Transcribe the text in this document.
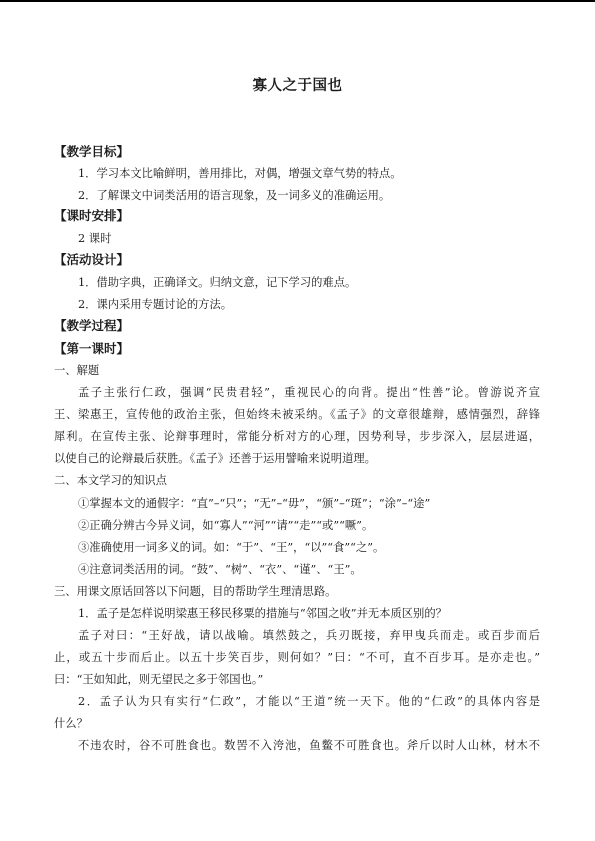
寡人之于国也
【教学目标】
1．学习本文比喻鲜明，善用排比，对偶，增强文章气势的特点。
2．了解课文中词类活用的语言现象，及一词多义的准确运用。
【课时安排】
2 课时
【活动设计】
1．借助字典，正确译文。归纳文意，记下学习的难点。
2．课内采用专题讨论的方法。
【教学过程】
【第一课时】
一、解题
孟子主张行仁政，强调“民贵君轻”，重视民心的向背。提出“性善”论。曾游说齐宣
王、梁惠王，宣传他的政治主张，但始终未被采纳。《孟子》的文章很雄辩，感情强烈，辞锋
犀利。在宣传主张、论辩事理时，常能分析对方的心理，因势利导，步步深入，层层进逼，
以使自己的论辩最后获胜。《孟子》还善于运用譬喻来说明道理。
二、本文学习的知识点
①掌握本文的通假字：“直”–“只”；“无”–“毋”，“颁”–“斑”；“涂”–“途”
②正确分辨古今异义词，如“寡人”“河”“请”“走”“或”“噘”。
③准确使用一词多义的词。如：“于”、“王”，“以”“食”“之”。
④注意词类活用的词。“鼓”、“树”、“衣”、“谨”、“王”。
三、用课文原话回答以下问题，目的帮助学生理清思路。
1．孟子是怎样说明梁惠王移民移粟的措施与“邻国之收”并无本质区别的？
孟子对曰：“王好战，请以战喻。填然鼓之，兵刃既接，弃甲曳兵而走。或百步而后
止，或五十步而后止。以五十步笑百步，则何如？”曰：“不可，直不百步耳。是亦走也。”
曰：“王如知此，则无望民之多于邻国也。”
2．孟子认为只有实行“仁政”，才能以“王道”统一天下。他的“仁政”的具体内容是
什么？
不违农时，谷不可胜食也。数罟不入洿池，鱼鳖不可胜食也。斧斤以时人山林，材木不
